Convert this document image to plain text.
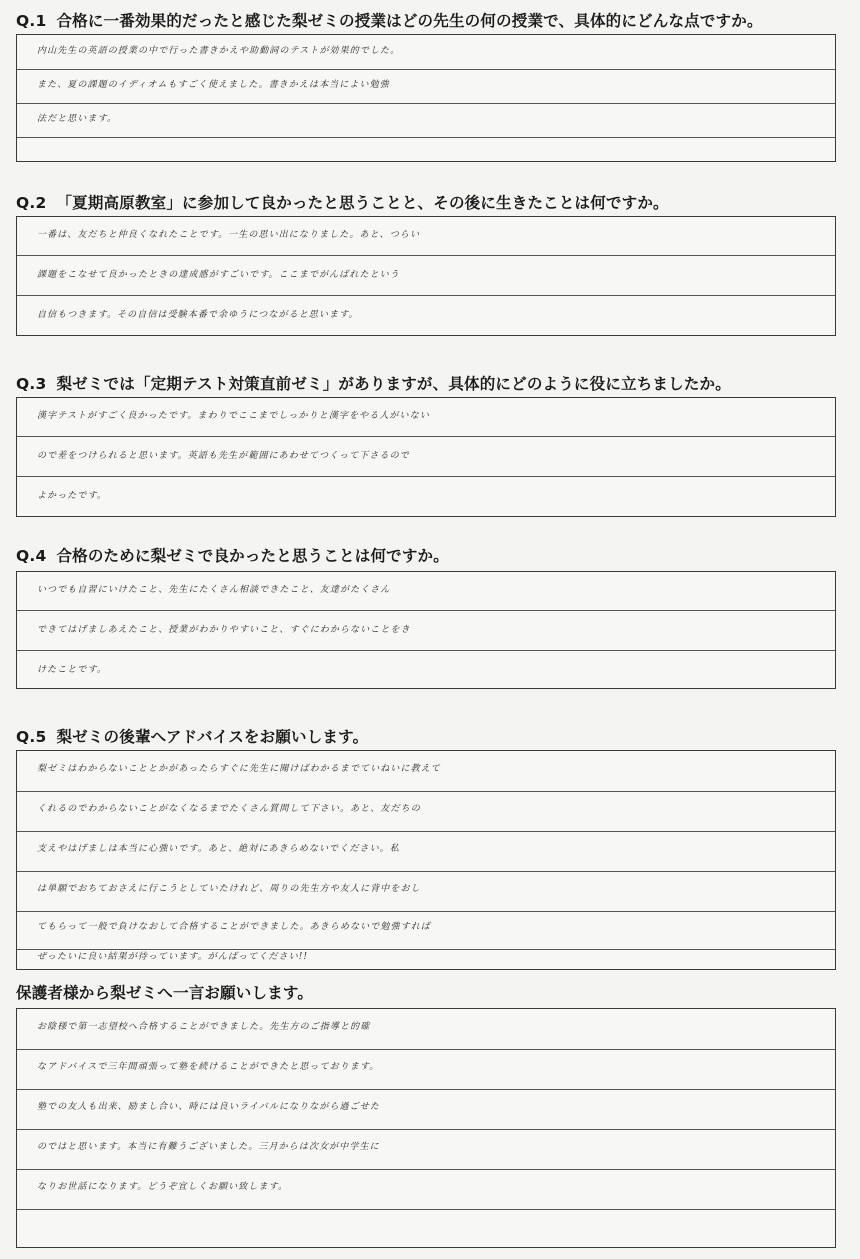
Q.1 合格に一番効果的だったと感じた梨ゼミの授業はどの先生の何の授業で、具体的にどんな点ですか。
内山先生の英語の授業の中で行った書きかえや助動詞のテストが効果的でした。
また、夏の課題のイディオムもすごく使えました。書きかえは本当によい勉強
法だと思います。
Q.2 「夏期高原教室」に参加して良かったと思うことと、その後に生きたことは何ですか。
一番は、友だちと仲良くなれたことです。一生の思い出になりました。あと、つらい
課題をこなせて良かったときの達成感がすごいです。ここまでがんばれたという
自信もつきます。その自信は受験本番で余ゆうにつながると思います。
Q.3 梨ゼミでは「定期テスト対策直前ゼミ」がありますが、具体的にどのように役に立ちましたか。
漢字テストがすごく良かったです。まわりでここまでしっかりと漢字をやる人がいない
ので差をつけられると思います。英語も先生が範囲にあわせてつくって下さるので
よかったです。
Q.4 合格のために梨ゼミで良かったと思うことは何ですか。
いつでも自習にいけたこと、先生にたくさん相談できたこと、友達がたくさん
できてはげましあえたこと、授業がわかりやすいこと、すぐにわからないことをき
けたことです。
Q.5 梨ゼミの後輩へアドバイスをお願いします。
梨ゼミはわからないこととかがあったらすぐに先生に聞けばわかるまでていねいに教えて
くれるのでわからないことがなくなるまでたくさん質問して下さい。あと、友だちの
支えやはげましは本当に心強いです。あと、絶対にあきらめないでください。私
は単願でおちておさえに行こうとしていたけれど、周りの先生方や友人に背中をおし
てもらって一般で負けなおして合格することができました。あきらめないで勉強すれば
ぜったいに良い結果が待っています。がんばってください!!
保護者様から梨ゼミへ一言お願いします。
お陰様で第一志望校へ合格することができました。先生方のご指導と的確
なアドバイスで三年間頑張って塾を続けることができたと思っております。
塾での友人も出来、励まし合い、時には良いライバルになりながら過ごせた
のではと思います。本当に有難うございました。三月からは次女が中学生に
なりお世話になります。どうぞ宜しくお願い致します。
